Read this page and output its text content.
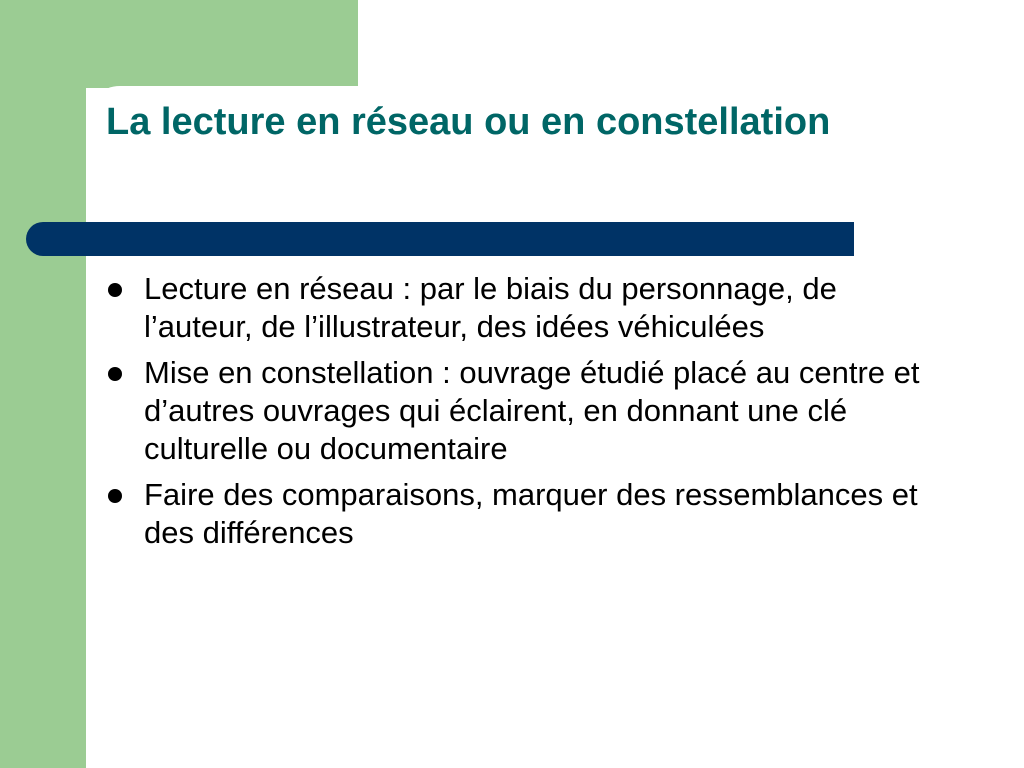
La lecture en réseau ou en constellation
Lecture en réseau : par le biais du personnage, de l’auteur, de l’illustrateur, des idées véhiculées
Mise en constellation : ouvrage étudié placé au centre et d’autres ouvrages qui éclairent, en donnant une clé culturelle ou documentaire
Faire des comparaisons, marquer des ressemblances et des différences
